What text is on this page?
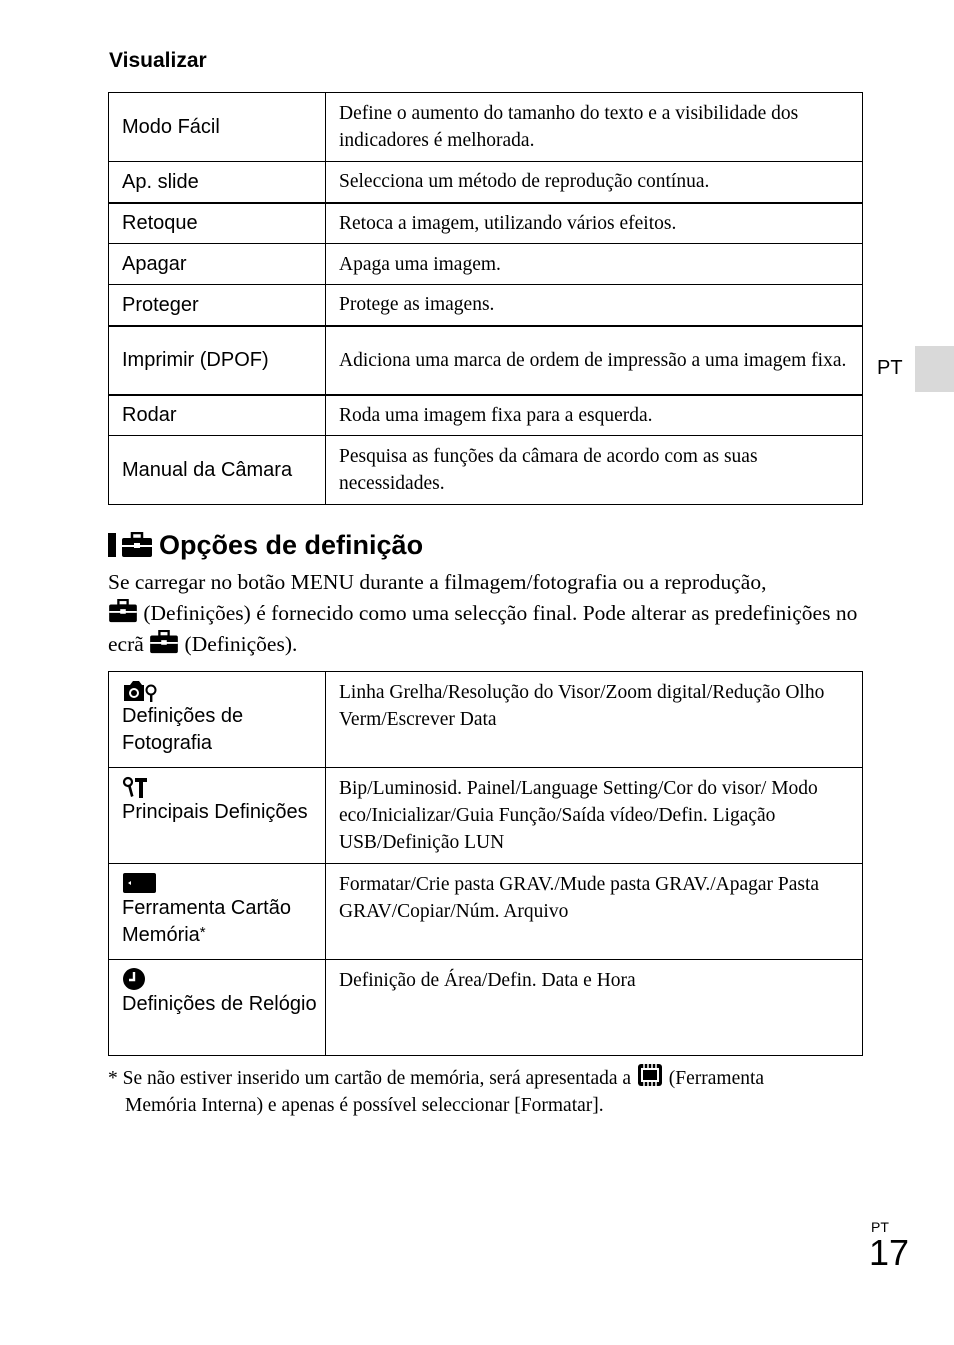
Visualizar
Modo Fácil	Define o aumento do tamanho do texto e a visibilidade dos indicadores é melhorada.
Ap. slide	Selecciona um método de reprodução contínua.
Retoque	Retoca a imagem, utilizando vários efeitos.
Apagar	Apaga uma imagem.
Proteger	Protege as imagens.
Imprimir (DPOF)	Adiciona uma marca de ordem de impressão a uma imagem fixa.
Rodar	Roda uma imagem fixa para a esquerda.
Manual da Câmara	Pesquisa as funções da câmara de acordo com as suas necessidades.
Opções de definição
Se carregar no botão MENU durante a filmagem/fotografia ou a reprodução,
(Definições) é fornecido como uma selecção final. Pode alterar as predefinições no ecrã (Definições).
Definições de Fotografia	Linha Grelha/Resolução do Visor/Zoom digital/Redução Olho Verm/Escrever Data

Principais Definições	Bip/Luminosid. Painel/Language Setting/Cor do visor/ Modo eco/Inicializar/Guia Função/Saída vídeo/Defin. Ligação USB/Definição LUN

Ferramenta Cartão Memória*	Formatar/Crie pasta GRAV./Mude pasta GRAV./Apagar Pasta GRAV/Copiar/Núm. Arquivo

Definições de Relógio	Definição de Área/Defin. Data e Hora
* Se não estiver inserido um cartão de memória, será apresentada a (Ferramenta
Memória Interna) e apenas é possível seleccionar [Formatar].
PT
PT
17
